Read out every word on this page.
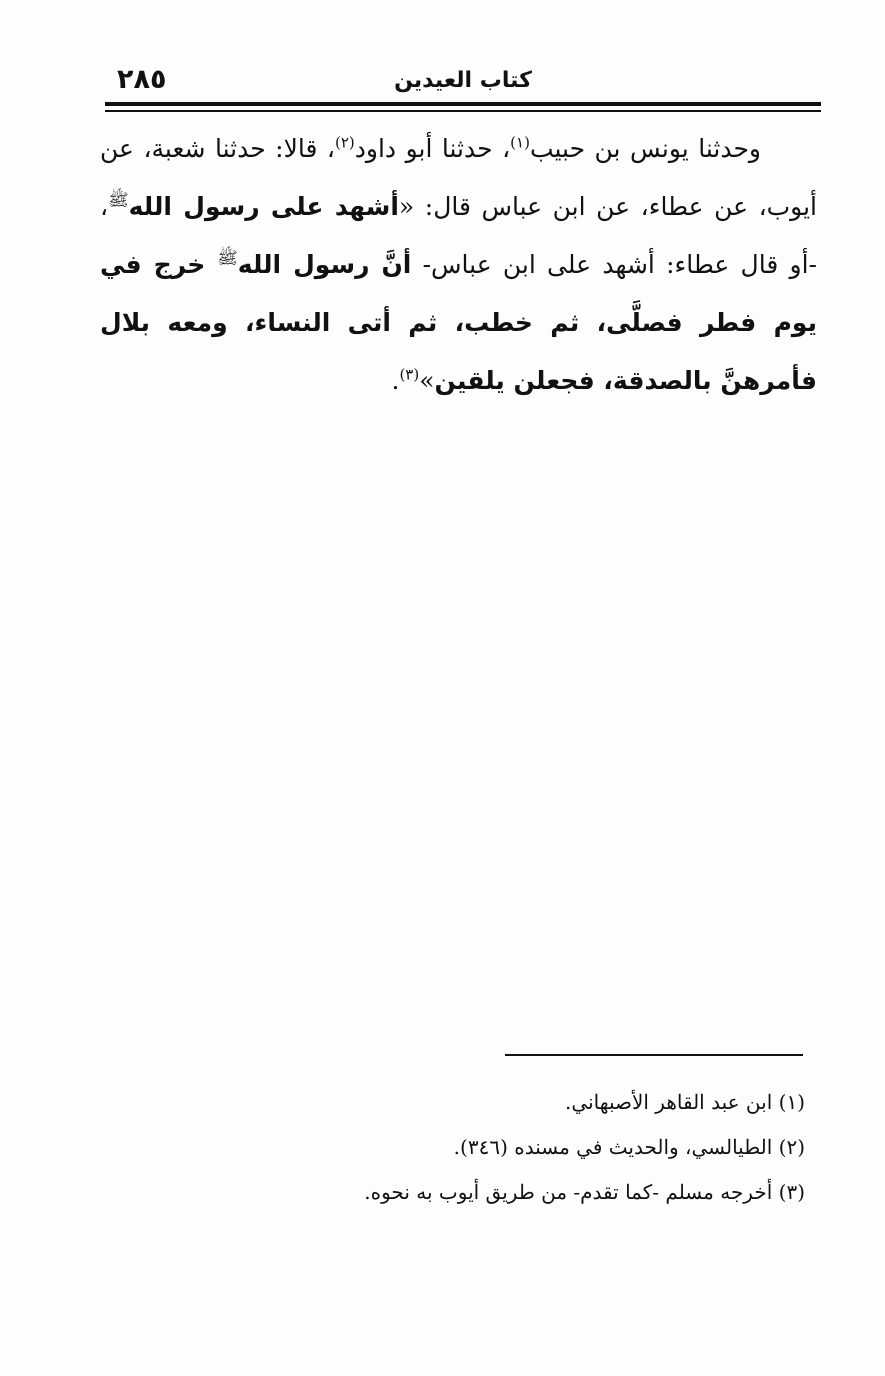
٢٨٥	كتاب العيدين
وحدثنا يونس بن حبيب$^{(١)}$، حدثنا أبو داود$^{(٢)}$، قالا: حدثنا شعبة، عن أيوب، عن عطاء، عن ابن عباس قال: «أشهد على رسول الله$^ﷺ$، -أو قال عطاء: أشهد على ابن عباس- أنَّ رسول الله$^ﷺ$ خرج في يوم فطر فصلَّى، ثم خطب، ثم أتى النساء، ومعه بلال فأمرهنَّ بالصدقة، فجعلن يلقين»$^{(٣)}$.

(١) ابن عبد القاهر الأصبهاني.

(٢) الطيالسي، والحديث في مسنده (٣٤٦).

(٣) أخرجه مسلم -كما تقدم- من طريق أيوب به نحوه.
